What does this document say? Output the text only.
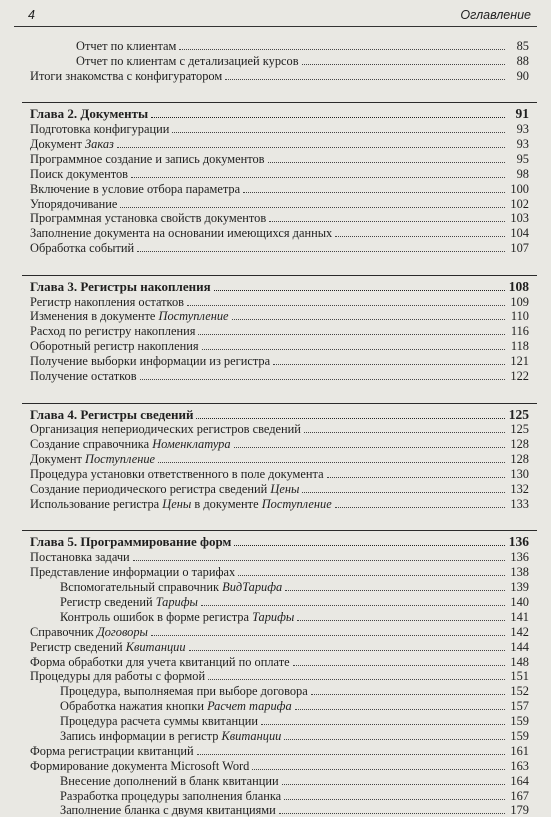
4	Оглавление
Отчет по клиентам	85
Отчет по клиентам с детализацией курсов	88
Итоги знакомства с конфигуратором	90
Глава 2. Документы	91
Подготовка конфигурации	93
Документ Заказ	93
Программное создание и запись документов	95
Поиск документов	98
Включение в условие отбора параметра	100
Упорядочивание	102
Программная установка свойств документов	103
Заполнение документа на основании имеющихся данных	104
Обработка событий	107
Глава 3. Регистры накопления	108
Регистр накопления остатков	109
Изменения в документе Поступление	110
Расход по регистру накопления	116
Оборотный регистр накопления	118
Получение выборки информации из регистра	121
Получение остатков	122
Глава 4. Регистры сведений	125
Организация непериодических регистров сведений	125
Создание справочника Номенклатура	128
Документ Поступление	128
Процедура установки ответственного в поле документа	130
Создание периодического регистра сведений Цены	132
Использование регистра Цены в документе Поступление	133
Глава 5. Программирование форм	136
Постановка задачи	136
Представление информации о тарифах	138
Вспомогательный справочник ВидТарифа	139
Регистр сведений Тарифы	140
Контроль ошибок в форме регистра Тарифы	141
Справочник Договоры	142
Регистр сведений Квитанции	144
Форма обработки для учета квитанций по оплате	148
Процедуры для работы с формой	151
Процедура, выполняемая при выборе договора	152
Обработка нажатия кнопки Расчет тарифа	157
Процедура расчета суммы квитанции	159
Запись информации в регистр Квитанции	159
Форма регистрации квитанций	161
Формирование документа Microsoft Word	163
Внесение дополнений в бланк квитанции	164
Разработка процедуры заполнения бланка	167
Заполнение бланка с двумя квитанциями	179
